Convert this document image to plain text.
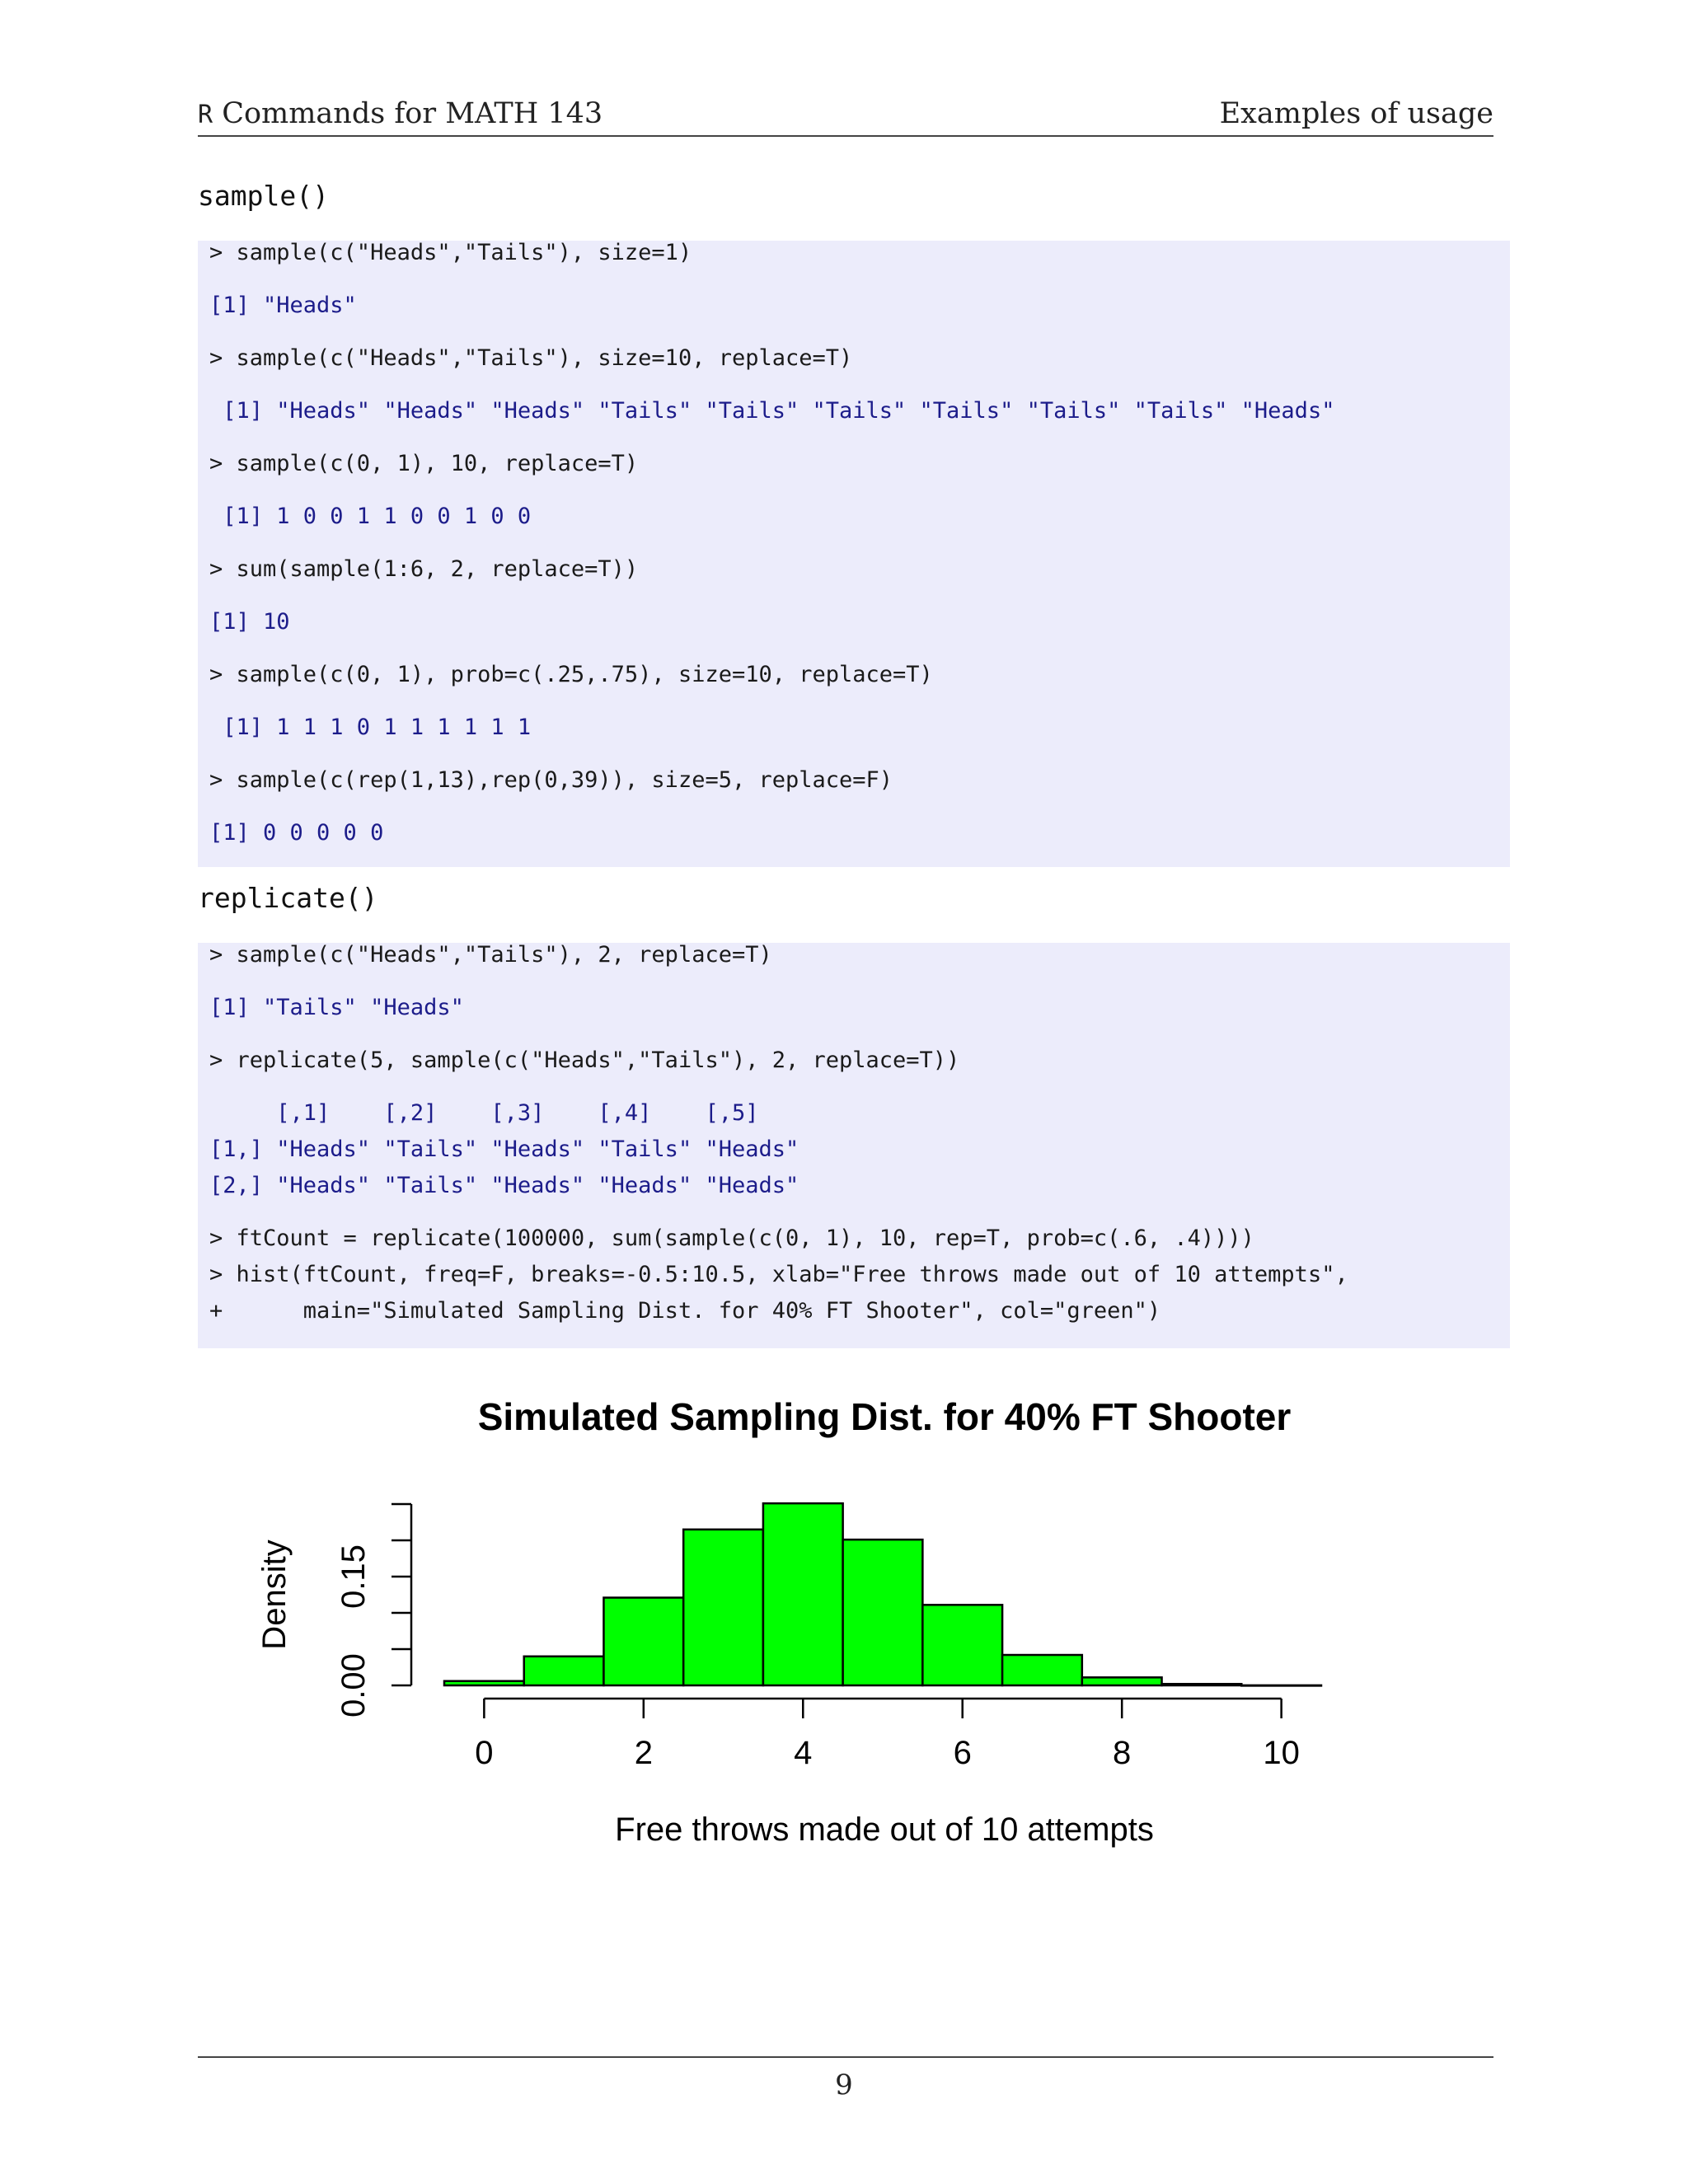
R Commands for MATH 143	Examples of usage
sample()
> sample(c("Heads","Tails"), size=1)
[1] "Heads"
> sample(c("Heads","Tails"), size=10, replace=T)
[1] "Heads" "Heads" "Heads" "Tails" "Tails" "Tails" "Tails" "Tails" "Tails" "Heads"
> sample(c(0, 1), 10, replace=T)
[1] 1 0 0 1 1 0 0 1 0 0
> sum(sample(1:6, 2, replace=T))
[1] 10
> sample(c(0, 1), prob=c(.25,.75), size=10, replace=T)
[1] 1 1 1 0 1 1 1 1 1 1
> sample(c(rep(1,13),rep(0,39)), size=5, replace=F)
[1] 0 0 0 0 0
replicate()
> sample(c("Heads","Tails"), 2, replace=T)
[1] "Tails" "Heads"
> replicate(5, sample(c("Heads","Tails"), 2, replace=T))
[,1]    [,2]    [,3]    [,4]    [,5]
[1,] "Heads" "Tails" "Heads" "Tails" "Heads"
[2,] "Heads" "Tails" "Heads" "Heads" "Heads"
> ftCount = replicate(100000, sum(sample(c(0, 1), 10, rep=T, prob=c(.6, .4))))
> hist(ftCount, freq=F, breaks=-0.5:10.5, xlab="Free throws made out of 10 attempts",
+      main="Simulated Sampling Dist. for 40% FT Shooter", col="green")
Simulated Sampling Dist. for 40% FT Shooter
Density
Free throws made out of 10 attempts
0.00
0.15
0	2	4	6	8	10
9
